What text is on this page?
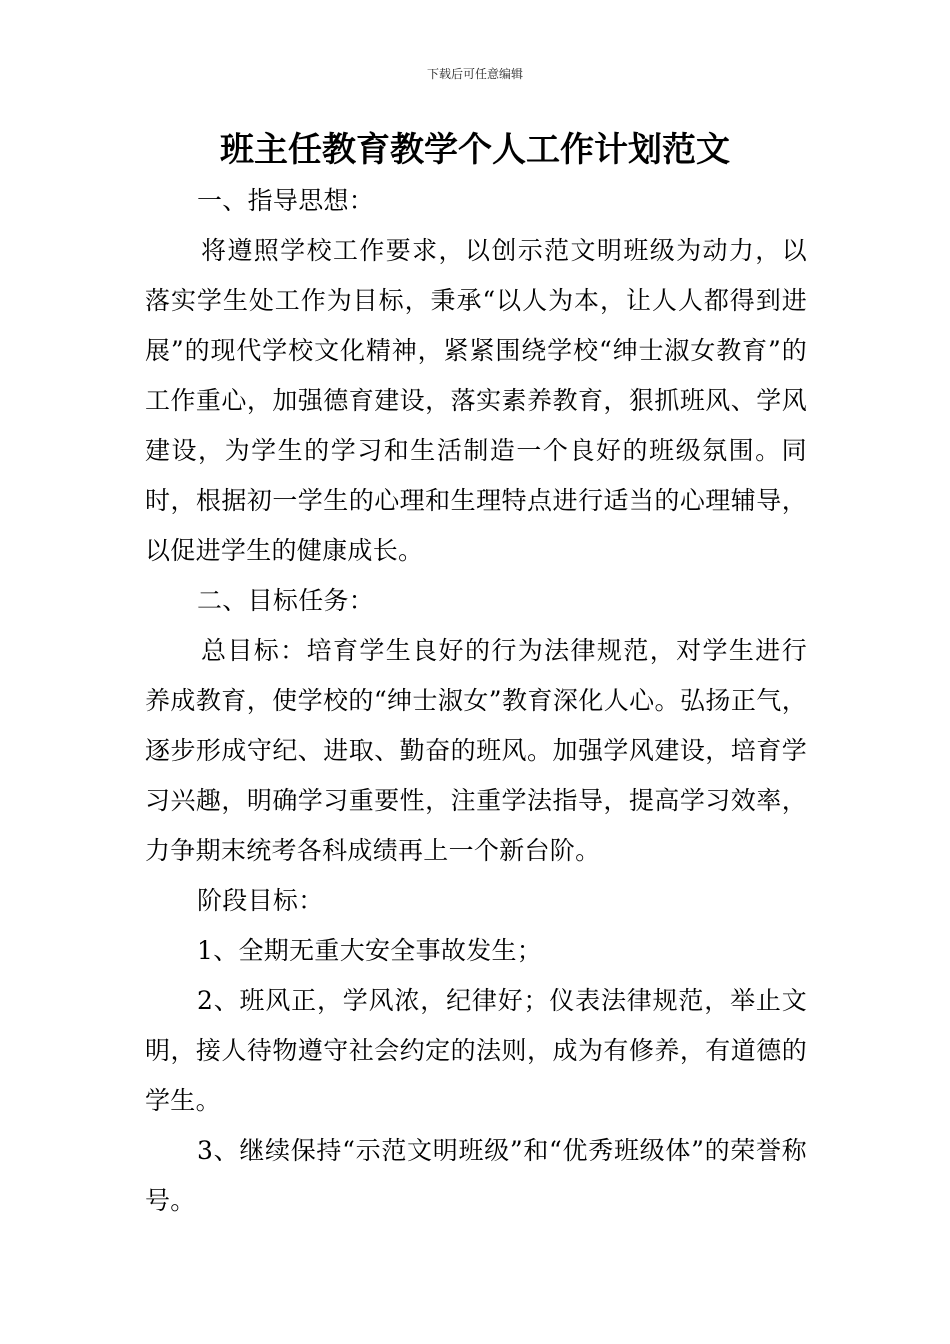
下载后可任意编辑
班主任教育教学个人工作计划范文

一、指导思想：

将遵照学校工作要求，以创示范文明班级为动力，以落实学生处工作为目标，秉承“以人为本，让人人都得到进展”的现代学校文化精神，紧紧围绕学校“绅士淑女教育”的工作重心，加强德育建设，落实素养教育，狠抓班风、学风建设，为学生的学习和生活制造一个良好的班级氛围。同时，根据初一学生的心理和生理特点进行适当的心理辅导，以促进学生的健康成长。

二、目标任务：

总目标：培育学生良好的行为法律规范，对学生进行养成教育，使学校的“绅士淑女”教育深化人心。弘扬正气，逐步形成守纪、进取、勤奋的班风。加强学风建设，培育学习兴趣，明确学习重要性，注重学法指导，提高学习效率，力争期末统考各科成绩再上一个新台阶。

阶段目标：

1、全期无重大安全事故发生；

2、班风正，学风浓，纪律好；仪表法律规范，举止文明，接人待物遵守社会约定的法则，成为有修养，有道德的学生。

3、继续保持“示范文明班级”和“优秀班级体”的荣誉称号。
